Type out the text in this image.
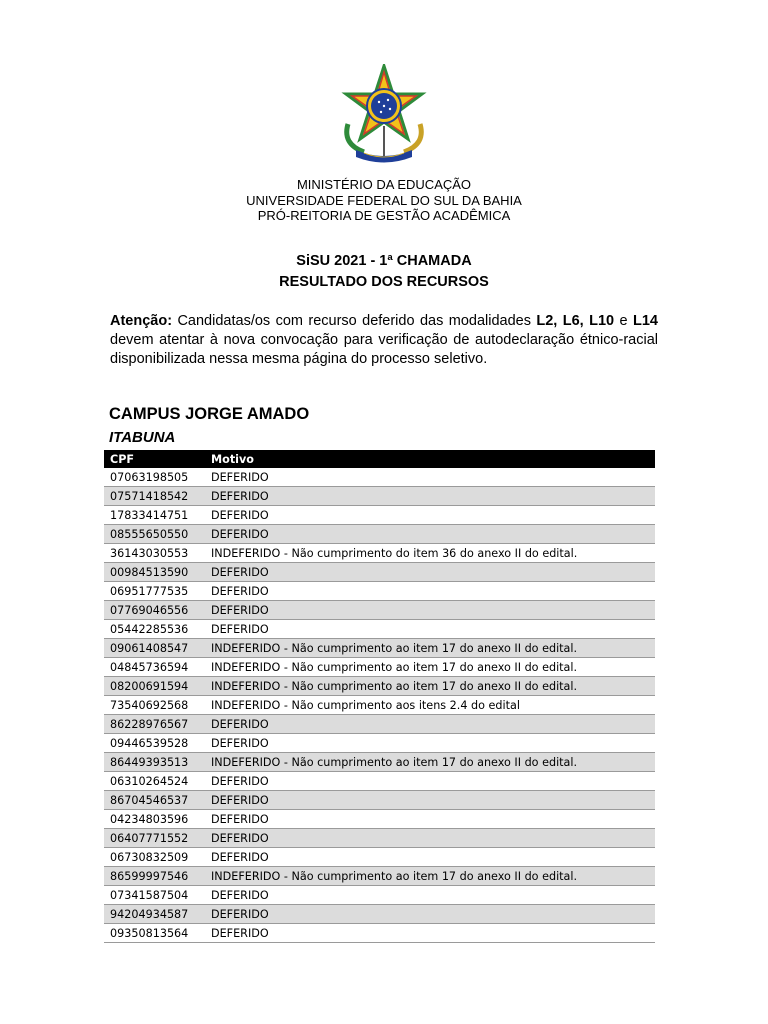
MINISTÉRIO DA EDUCAÇÃO
UNIVERSIDADE FEDERAL DO SUL DA BAHIA
PRÓ-REITORIA DE GESTÃO ACADÊMICA
SiSU 2021 - 1ª CHAMADA
RESULTADO DOS RECURSOS
Atenção: Candidatas/os com recurso deferido das modalidades L2, L6, L10 e L14 devem atentar à nova convocação para verificação de autodeclaração étnico-racial disponibilizada nessa mesma página do processo seletivo.
CAMPUS JORGE AMADO
ITABUNA
CPF	Motivo
07063198505	DEFERIDO
07571418542	DEFERIDO
17833414751	DEFERIDO
08555650550	DEFERIDO
36143030553	INDEFERIDO - Não cumprimento do item 36 do anexo II do edital.
00984513590	DEFERIDO
06951777535	DEFERIDO
07769046556	DEFERIDO
05442285536	DEFERIDO
09061408547	INDEFERIDO - Não cumprimento ao item 17 do anexo II do edital.
04845736594	INDEFERIDO - Não cumprimento ao item 17 do anexo II do edital.
08200691594	INDEFERIDO - Não cumprimento ao item 17 do anexo II do edital.
73540692568	INDEFERIDO - Não cumprimento aos itens 2.4 do edital
86228976567	DEFERIDO
09446539528	DEFERIDO
86449393513	INDEFERIDO - Não cumprimento ao item 17 do anexo II do edital.
06310264524	DEFERIDO
86704546537	DEFERIDO
04234803596	DEFERIDO
06407771552	DEFERIDO
06730832509	DEFERIDO
86599997546	INDEFERIDO - Não cumprimento ao item 17 do anexo II do edital.
07341587504	DEFERIDO
94204934587	DEFERIDO
09350813564	DEFERIDO
